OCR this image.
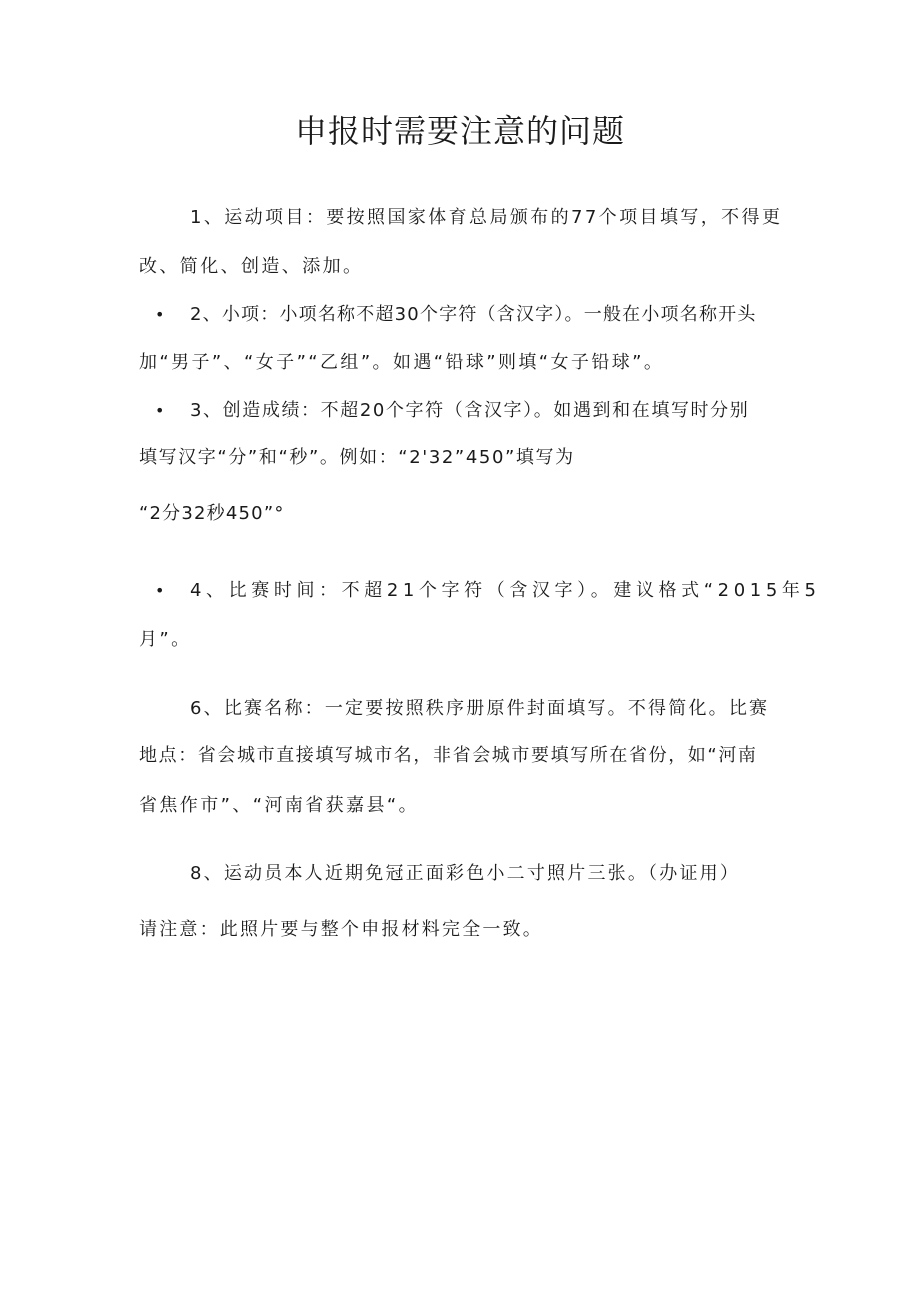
申报时需要注意的问题

1、运动项目：要按照国家体育总局颁布的77个项目填写，不得更

改、简化、创造、添加。

• 2、小项：小项名称不超30个字符（含汉字）。一般在小项名称开头

加“男子”、“女子”“乙组”。如遇“铅球”则填“女子铅球”。

• 3、创造成绩：不超20个字符（含汉字）。如遇到和在填写时分别

填写汉字“分”和“秒”。例如：“2'32”450”填写为

“2分32秒450”°

• 4、比赛时间：不超21个字符（含汉字）。建议格式“2015年5

月”。

6、比赛名称：一定要按照秩序册原件封面填写。不得简化。比赛

地点：省会城市直接填写城市名，非省会城市要填写所在省份，如“河南

省焦作市”、“河南省获嘉县“。

8、运动员本人近期免冠正面彩色小二寸照片三张。（办证用）

请注意：此照片要与整个申报材料完全一致。
